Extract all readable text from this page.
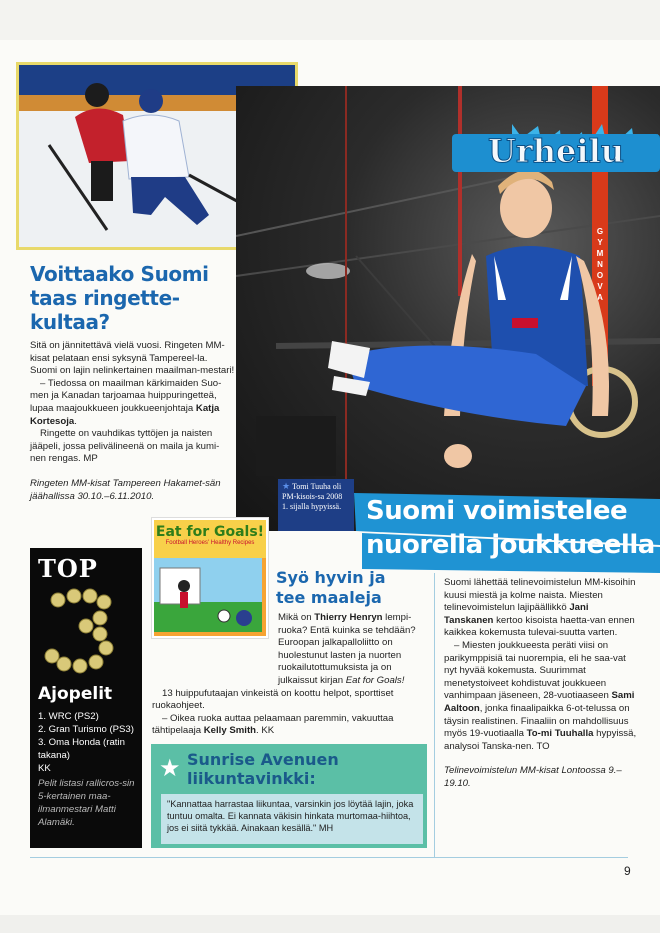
GYMNOVA
Urheilu
★ Tomi Tuuha oli PM-kisois-sa 2008 1. sijalla hypyissä. Suomi voimistelee
nuorella joukkueella
Voittaako Suomi taas ringette-kultaa?

Sitä on jännitettävä vielä vuosi. Ringeten MM-kisat pelataan ensi syksynä Tampereel-la. Suomi on lajin nelinkertainen maailman-mestari!

– Tiedossa on maailman kärkimaiden Suo-men ja Kanadan tarjoamaa huippuringetteä, lupaa maajoukkueen joukkueenjohtaja Katja Kortesoja.

Ringette on vauhdikas tyttöjen ja naisten jääpeli, jossa pelivälineenä on maila ja kumi-nen rengas. MP

Ringeten MM-kisat Tampereen Hakamet-sän jäähallissa 30.10.–6.11.2010.

Eat for Goals!
Football Heroes' Healthy Recipes
Syö hyvin ja
tee maaleja

Mikä on Thierry Henryn lempi-ruoka? Entä kuinka se tehdään? Euroopan jalkapalloliitto on huolestunut lasten ja nuorten ruokailutottumuksista ja on julkaissut kirjan Eat for Goals!

13 huippufutaajan vinkeistä on koottu helpot, sporttiset ruokaohjeet.

– Oikea ruoka auttaa pelaamaan paremmin, vakuuttaa tähtipelaaja Kelly Smith. KK

TOP
3
Ajopelit
1. WRC (PS2)
2. Gran Turismo (PS3)
3. Oma Honda (ratin takana)
KK
Pelit listasi rallicros-sin 5-kertainen maa-ilmanmestari Matti Alamäki.
★ Sunrise Avenuen
liikuntavinkki:
"Kannattaa harrastaa liikuntaa, varsinkin jos löytää lajin, joka tuntuu omalta. Ei kannata väkisin hinkata murtomaa-hiihtoa, jos ei siitä tykkää. Ainakaan kesällä." MH

Suomi lähettää telinevoimistelun MM-kisoihin kuusi miestä ja kolme naista. Miesten telinevoimistelun lajipäällikkö Jani Tanskanen kertoo kisoista haetta-van ennen kaikkea kokemusta tulevai-suutta varten.

– Miesten joukkueesta peräti viisi on parikymppisiä tai nuorempia, eli he saa-vat nyt hyvää kokemusta. Suurimmat menetystoiveet kohdistuvat joukkueen vanhimpaan jäseneen, 28-vuotiaaseen Sami Aaltoon, jonka finaalipaikka 6-ot-telussa on täysin realistinen. Finaaliin on mahdollisuus myös 19-vuotiaalla To-mi Tuuhalla hypyissä, analysoi Tanska-nen. TO

Telinevoimistelun MM-kisat Lontoossa 9.–19.10.

9
